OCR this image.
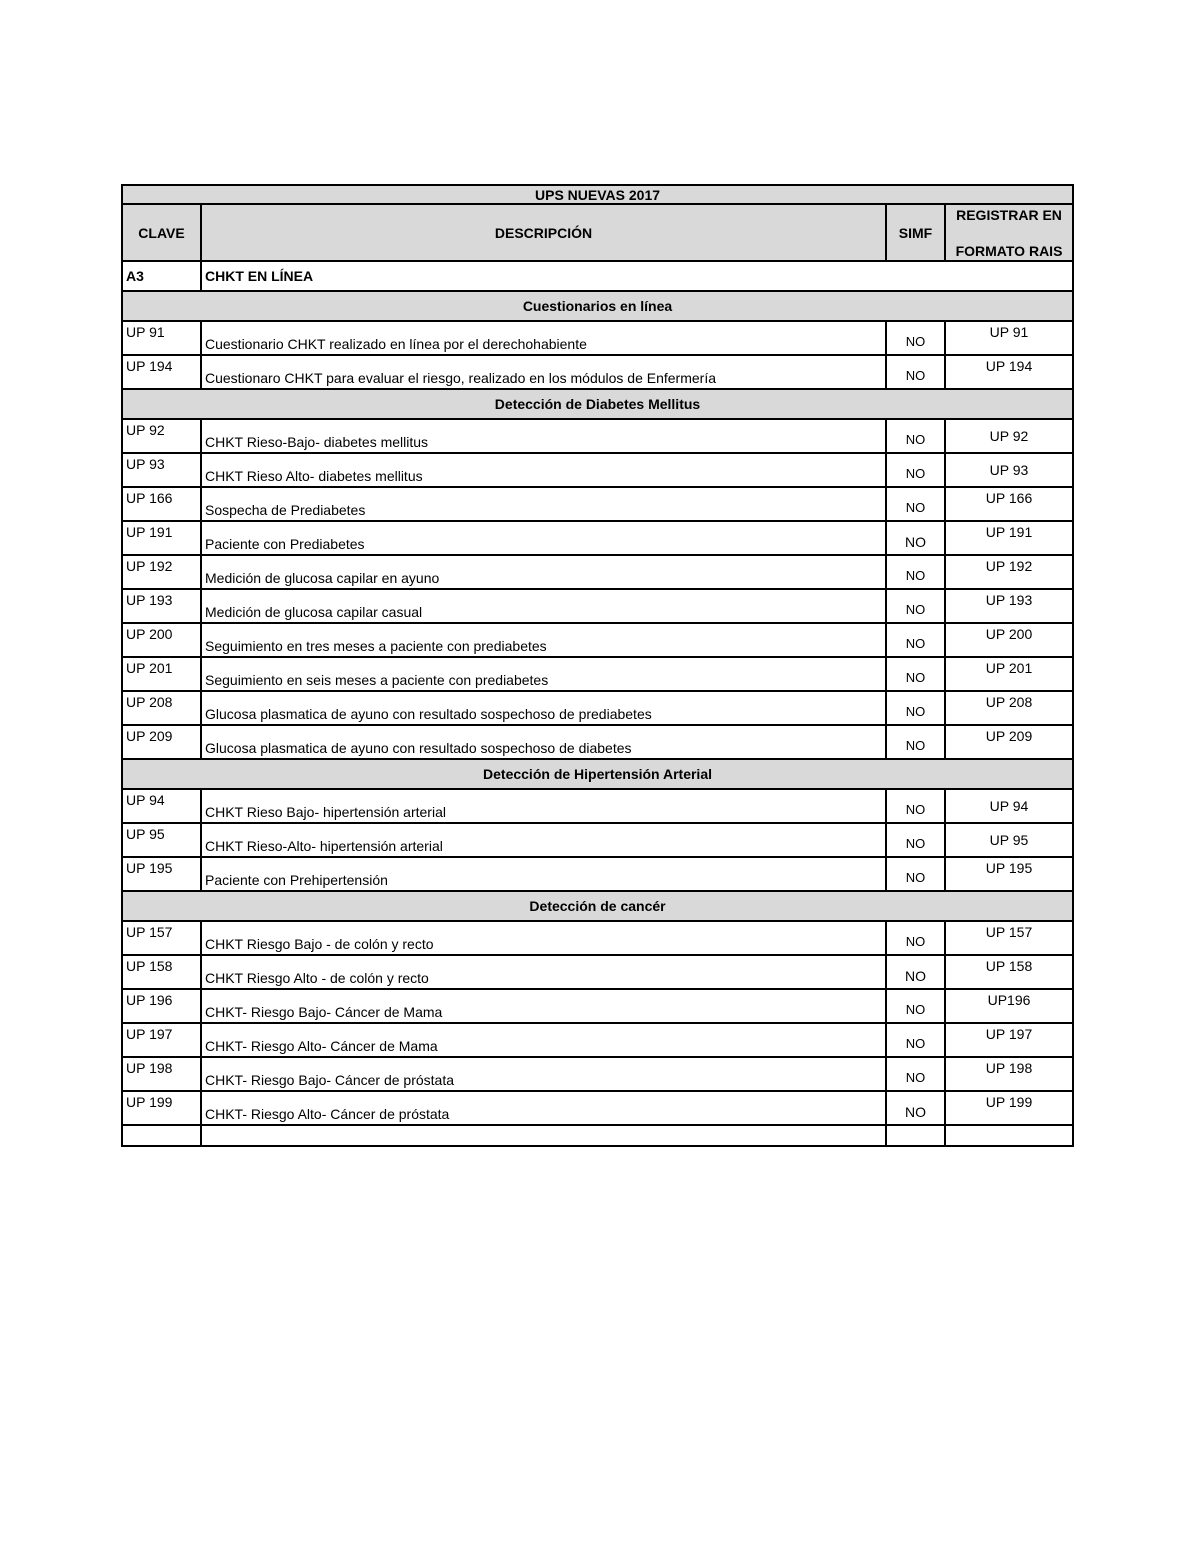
UPS NUEVAS 2017			
CLAVE	DESCRIPCIÓN	SIMF	REGISTRAR EN
FORMATO RAIS

A3	CHKT EN LÍNEA		
Cuestionarios en línea			
UP 91	Cuestionario CHKT realizado en línea por el derechohabiente	NO	UP 91
UP 194	Cuestionaro CHKT para evaluar el riesgo, realizado en los módulos de Enfermería	NO	UP 194
Detección de Diabetes Mellitus			
UP 92	CHKT Rieso-Bajo- diabetes mellitus	NO	UP 92
UP 93	CHKT Rieso Alto- diabetes mellitus	NO	UP 93
UP 166	Sospecha de Prediabetes	NO	UP 166
UP 191	Paciente con Prediabetes	NO	UP 191
UP 192	Medición de glucosa capilar en ayuno	NO	UP 192
UP 193	Medición de glucosa capilar casual	NO	UP 193
UP 200	Seguimiento en tres meses a paciente con prediabetes	NO	UP 200
UP 201	Seguimiento en seis meses a paciente con prediabetes	NO	UP 201
UP 208	Glucosa plasmatica de ayuno con resultado sospechoso de prediabetes	NO	UP 208
UP 209	Glucosa plasmatica de ayuno con resultado sospechoso de diabetes	NO	UP 209
Detección de Hipertensión Arterial			
UP 94	CHKT Rieso Bajo- hipertensión arterial	NO	UP 94
UP 95	CHKT Rieso-Alto- hipertensión arterial	NO	UP 95
UP 195	Paciente con Prehipertensión	NO	UP 195
Detección de cancér			
UP 157	CHKT Riesgo Bajo - de colón y recto	NO	UP 157
UP 158	CHKT Riesgo Alto - de colón y recto	NO	UP 158
UP 196	CHKT- Riesgo Bajo- Cáncer de Mama	NO	UP196
UP 197	CHKT- Riesgo Alto- Cáncer de Mama	NO	UP 197
UP 198	CHKT- Riesgo Bajo- Cáncer de próstata	NO	UP 198
UP 199	CHKT- Riesgo Alto- Cáncer de próstata	NO	UP 199
